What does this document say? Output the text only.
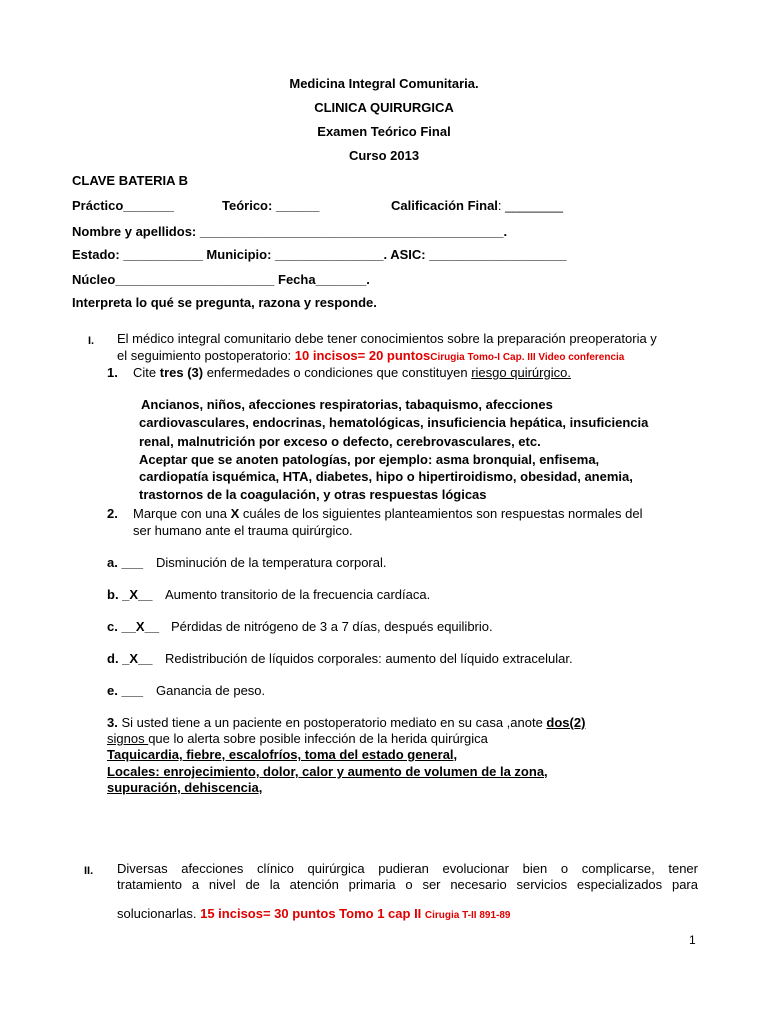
Medicina Integral Comunitaria.
CLINICA QUIRURGICA
Examen Teórico Final
Curso 2013
CLAVE BATERIA B
Práctico_______	Teórico: ______	Calificación Final: ________
Nombre y apellidos: __________________________________________.
Estado: ___________ Municipio: _______________. ASIC: ___________________
Núcleo______________________ Fecha_______.
Interpreta lo qué se pregunta, razona y responde.
I. El médico integral comunitario debe tener conocimientos sobre la preparación preoperatoria y
el seguimiento postoperatorio: 10 incisos= 20 puntosCirugia Tomo-I Cap. III Video conferencia
1. Cite tres (3) enfermedades o condiciones que constituyen riesgo quirúrgico.
Ancianos, niños, afecciones respiratorias, tabaquismo, afecciones
cardiovasculares, endocrinas, hematológicas, insuficiencia hepática, insuficiencia
renal, malnutrición por exceso o defecto, cerebrovasculares, etc.
Aceptar que se anoten patologías, por ejemplo: asma bronquial, enfisema,
cardiopatía isquémica, HTA, diabetes, hipo o hipertiroidismo, obesidad, anemia,
trastornos de la coagulación, y otras respuestas lógicas
2. Marque con una X cuáles de los siguientes planteamientos son respuestas normales del
ser humano ante el trauma quirúrgico.
a. ___ Disminución de la temperatura corporal.
b. _X__ Aumento transitorio de la frecuencia cardíaca.
c. __X__ Pérdidas de nitrógeno de 3 a 7 días, después equilibrio.
d. _X__ Redistribución de líquidos corporales: aumento del líquido extracelular.
e. ___ Ganancia de peso.
3. Si usted tiene a un paciente en postoperatorio mediato en su casa ,anote dos(2)
signos que lo alerta sobre posible infección de la herida quirúrgica
Taquicardia, fiebre, escalofríos, toma del estado general,
Locales: enrojecimiento, dolor, calor y aumento de volumen de la zona,
supuración, dehiscencia,
II. Diversas afecciones clínico quirúrgica pudieran evolucionar bien o complicarse, tener
tratamiento a nivel de la atención primaria o ser necesario servicios especializados para
solucionarlas. 15 incisos= 30 puntos Tomo 1 cap II Cirugia T-II 891-89
1
